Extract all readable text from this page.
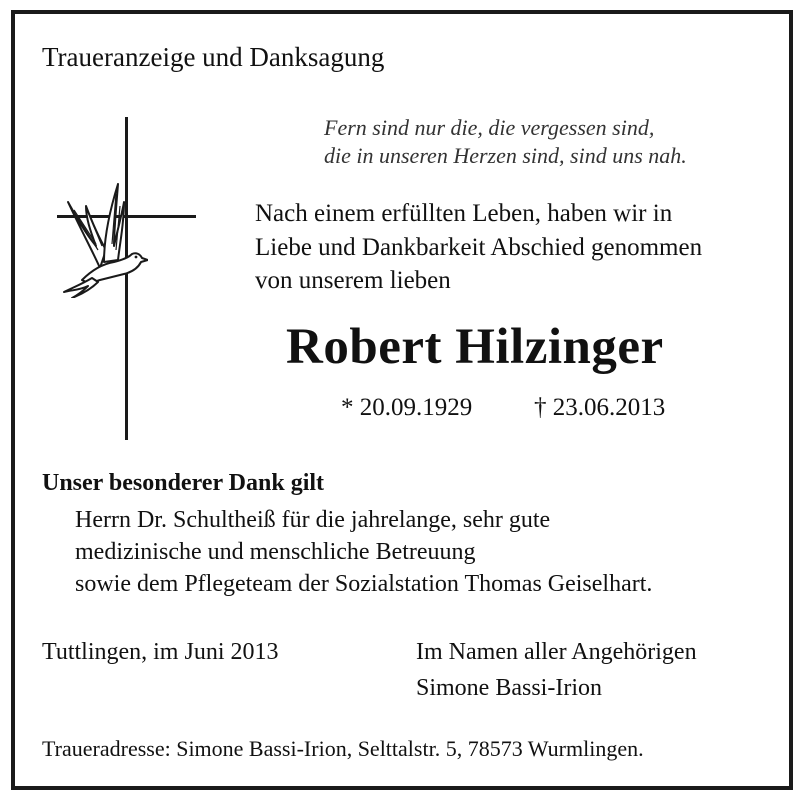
Traueranzeige und Danksagung
Fern sind nur die, die vergessen sind,
die in unseren Herzen sind, sind uns nah.
Nach einem erfüllten Leben, haben wir in
Liebe und Dankbarkeit Abschied genommen
von unserem lieben
Robert Hilzinger
* 20.09.1929 † 23.06.2013
Unser besonderer Dank gilt
Herrn Dr. Schultheiß für die jahrelange, sehr gute
medizinische und menschliche Betreuung
sowie dem Pflegeteam der Sozialstation Thomas Geiselhart.
Tuttlingen, im Juni 2013	Im Namen aller Angehörigen
Simone Bassi-Irion
Traueradresse: Simone Bassi-Irion, Selttalstr. 5, 78573 Wurmlingen.
